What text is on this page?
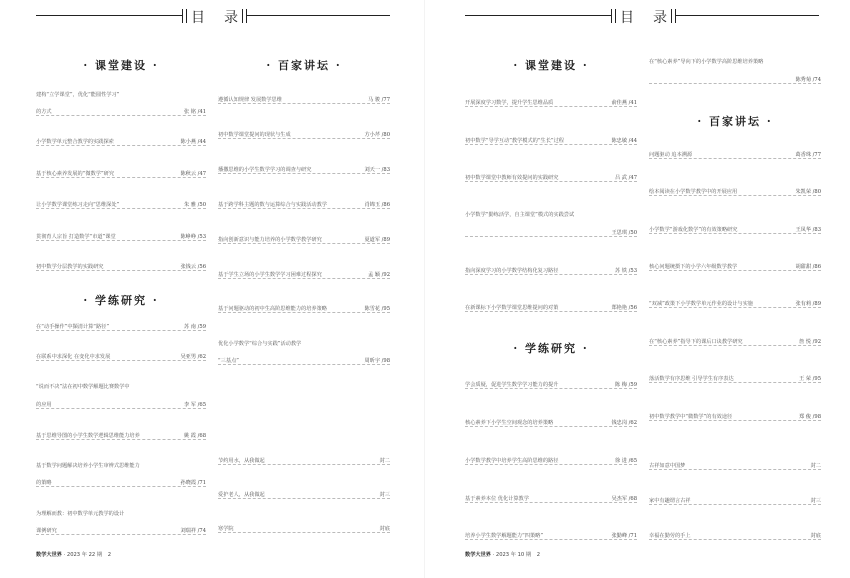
目 录
· 课堂建设 ·
建构“立学课堂”，优化“能圆性学习”
的方式	张 铭 /41
小学数学单元整合教学的实践探索	陈小燕 /44
基于核心素养发展的“微数学”研究	陈秋云 /47
让小学数学课堂练习走向“思维深处”	朱 雅 /50
贯彻育人宗旨 打造数学“市道”课堂	陈峥峥 /53
初中数学分层教学的实践研究	张钱云 /56
· 学练研究 ·
在“动手操作”中撷清计算“路径”	苏 南 /59
在联系中求深化 在变化中求发展	吴亚男 /62
“说而不决”法在初中数学解题比赛数学中
的应用	李 军 /65
基于思维导图的小学生数学逻辑思维能力培养	姚 霞 /68
基于数学问题解决培养小学生审辨式思维能力
的策略	孙晓霞 /71
为理解而教：初中数学单元教学的设计
课例研究	刘瑞祥 /74
· 百家讲坛 ·
遵循认知规律 发展数学思维	马 骏 /77
初中数学课堂提问的现状与生成	方小芹 /80
播撒思维的小学生数学学习的调查与研究	刘天一 /83
基于跨学科主题的数与运算综合与实践活动教学	肖锦玉 /86
指向创新意识与能力培养的小学数学教学研究	夏道军 /89
基于学生立场的小学生数学学习困难过程探究	孟 颖 /92
基于问题驱动的初中生高阶思维能力的培养策略	陈雪花 /95
优化小学数学“综合与实践”活动教学
“三基点”	周昕宇 /98
节约用水，从我做起	封二
爱护老人，从我做起	封三
寒学院	封底
数学大世界 · 2023 年 22 期 2
目 录
· 课堂建设 ·
开展深度学习数学，提升学生思维品质	俞佳燕 /41
初中数学“导学互动”教学模式的“生长”过程	陈忠敏 /44
初中数学课堂中教师有效提问的实践研究	吕 武 /47
小学数学“勤练活学，自主课堂”模式的实践尝试
王思琪 /50
指向深度学习的小学数学结构化复习路径	苏 铁 /53
在新课标下小学数学课堂思维提问的对策	郑艳艳 /56
· 学练研究 ·
学会质疑，促进学生数学学习能力的提升	陈 梅 /59
核心素养下小学生空间观念的培养策略	钱忠岗 /62
小学数学教学中培养学生高阶思维的路径	徐 进 /65
基于素养本位 优化计算教学	吴杰军 /68
培养小学生数学解题能力“四策略”	张勤峰 /71
在“核心素养”导向下的小学数学高阶思维培养策略
陈秀菊 /74
· 百家讲坛 ·
问题驱动 追本溯源	葛香珠 /77
绘本阅读在小学数学教学中的开展应用	朱凯荣 /80
小学数学“游戏化数学”的有效策略研究	王凤华 /83
核心问题统摄下的小学六年级数学教学	胡甜甜 /86
“双减”政策下小学数学单元作业的设计与实施	张有莉 /89
在“核心素养”指导下的课后口诀教学研究	詹 悦 /92
落活数学有序思维 引导学生有序表达	王 荣 /95
初中数学教学中“微数学”的有效途径	郑 俊 /98
古祥如意中国梦	封二
家中有趣谓言古祥	封三
幸福在勤劳的手上	封底
数学大世界 · 2023 年 10 期 2
